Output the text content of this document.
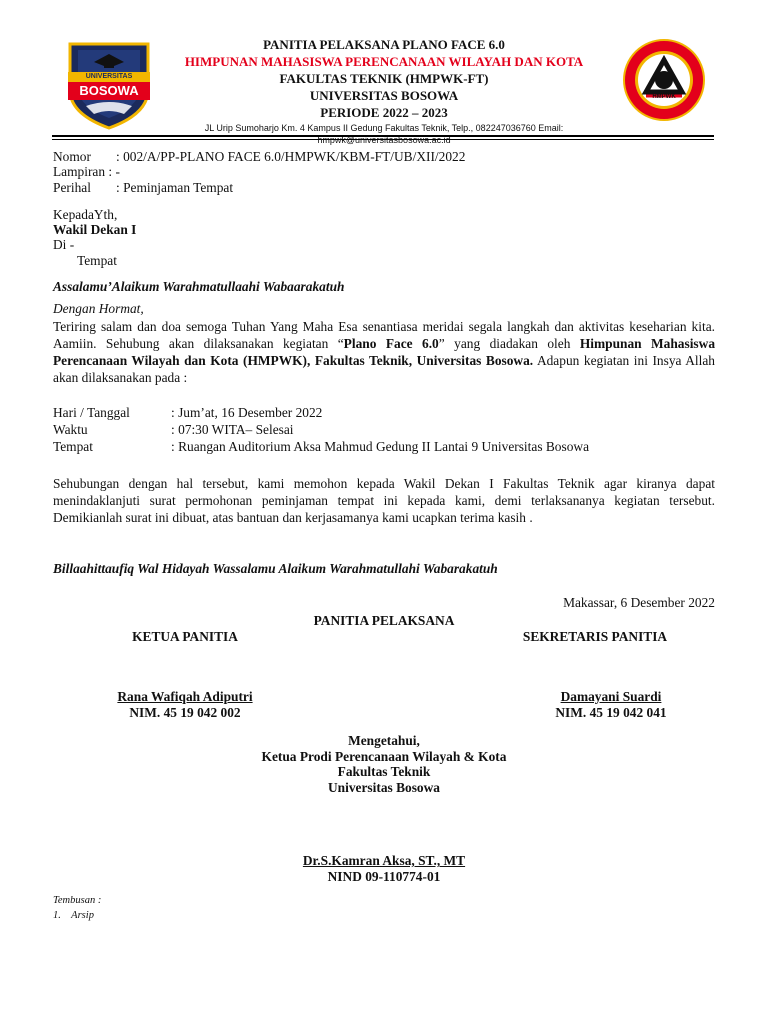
UNIVERSITAS
BOSOWA	HMPWK
PANITIA PELAKSANA PLANO FACE 6.0
HIMPUNAN MAHASISWA PERENCANAAN WILAYAH DAN KOTA
FAKULTAS TEKNIK (HMPWK-FT)
UNIVERSITAS BOSOWA
PERIODE 2022 – 2023
JL Urip Sumoharjo Km. 4 Kampus II Gedung Fakultas Teknik, Telp., 082247036760 Email:
hmpwk@universitasbosowa.ac.id
Nomor : 002/A/PP-PLANO FACE 6.0/HMPWK/KBM-FT/UB/XII/2022
Lampiran : -
Perihal : Peminjaman Tempat
KepadaYth,
Wakil Dekan I
Di -
Tempat
Assalamu’Alaikum Warahmatullaahi Wabaarakatuh
Dengan Hormat,
Teriring salam dan doa semoga Tuhan Yang Maha Esa senantiasa meridai segala langkah dan aktivitas keseharian kita. Aamiin. Sehubung akan dilaksanakan kegiatan “Plano Face 6.0” yang diadakan oleh Himpunan Mahasiswa Perencanaan Wilayah dan Kota (HMPWK), Fakultas Teknik, Universitas Bosowa. Adapun kegiatan ini Insya Allah akan dilaksanakan pada :
Hari / Tanggal	: Jum’at, 16 Desember 2022
Waktu	: 07:30 WITA– Selesai
Tempat	: Ruangan Auditorium Aksa Mahmud Gedung II Lantai 9 Universitas Bosowa
Sehubungan dengan hal tersebut, kami memohon kepada Wakil Dekan I Fakultas Teknik agar kiranya dapat menindaklanjuti surat permohonan peminjaman tempat ini kepada kami, demi terlaksananya kegiatan tersebut. Demikianlah surat ini dibuat, atas bantuan dan kerjasamanya kami ucapkan terima kasih .
Billaahittaufiq Wal Hidayah Wassalamu Alaikum Warahmatullahi Wabarakatuh
Makassar, 6 Desember 2022
PANITIA PELAKSANA
KETUA PANITIA	SEKRETARIS PANITIA
Rana Wafiqah Adiputri
NIM. 45 19 042 002
Damayani Suardi
NIM. 45 19 042 041
Mengetahui,
Ketua Prodi Perencanaan Wilayah & Kota
Fakultas Teknik
Universitas Bosowa
Dr.S.Kamran Aksa, ST., MT
NIND 09-110774-01
Tembusan :
1.    Arsip
